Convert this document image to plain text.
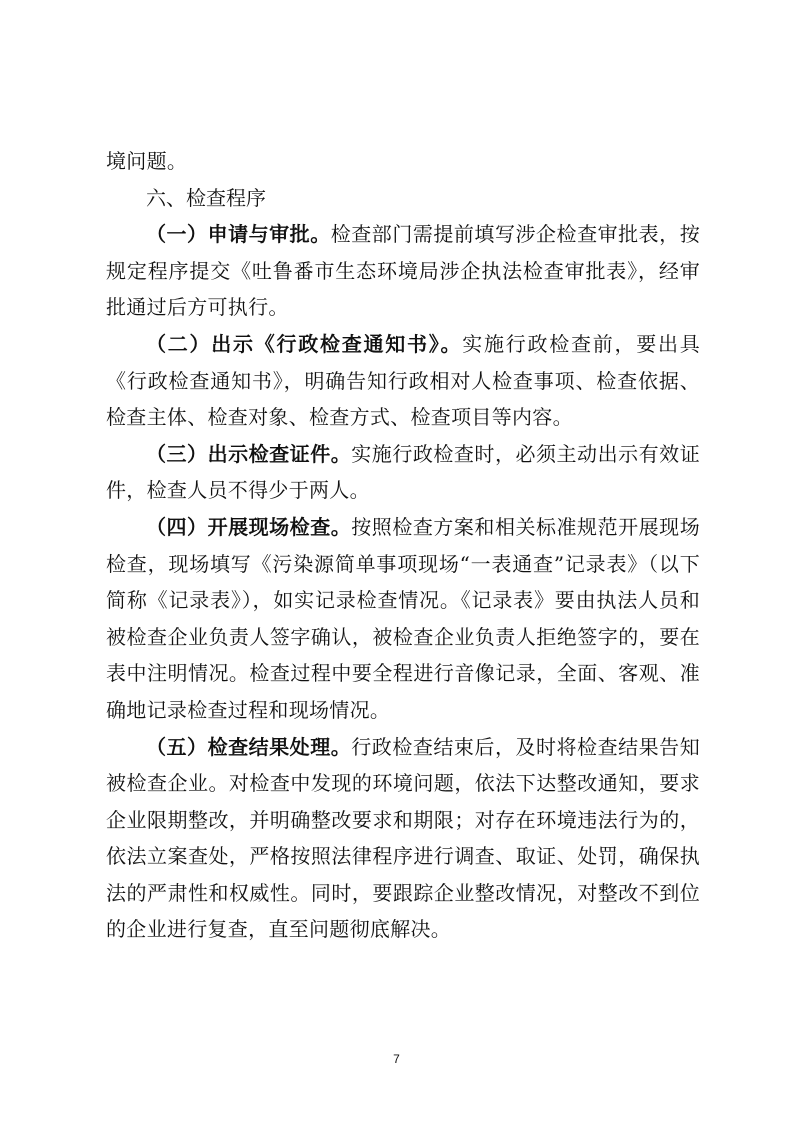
境问题。

六、检查程序

（一）申请与审批。检查部门需提前填写涉企检查审批表，按规定程序提交《吐鲁番市生态环境局涉企执法检查审批表》，经审批通过后方可执行。

（二）出示《行政检查通知书》。实施行政检查前，要出具《行政检查通知书》，明确告知行政相对人检查事项、检查依据、检查主体、检查对象、检查方式、检查项目等内容。

（三）出示检查证件。实施行政检查时，必须主动出示有效证件，检查人员不得少于两人。

（四）开展现场检查。按照检查方案和相关标准规范开展现场检查，现场填写《污染源简单事项现场“一表通查”记录表》（以下简称《记录表》），如实记录检查情况。《记录表》要由执法人员和被检查企业负责人签字确认，被检查企业负责人拒绝签字的，要在表中注明情况。检查过程中要全程进行音像记录，全面、客观、准确地记录检查过程和现场情况。

（五）检查结果处理。行政检查结束后，及时将检查结果告知被检查企业。对检查中发现的环境问题，依法下达整改通知，要求企业限期整改，并明确整改要求和期限；对存在环境违法行为的，依法立案查处，严格按照法律程序进行调查、取证、处罚，确保执法的严肃性和权威性。同时，要跟踪企业整改情况，对整改不到位的企业进行复查，直至问题彻底解决。

7
